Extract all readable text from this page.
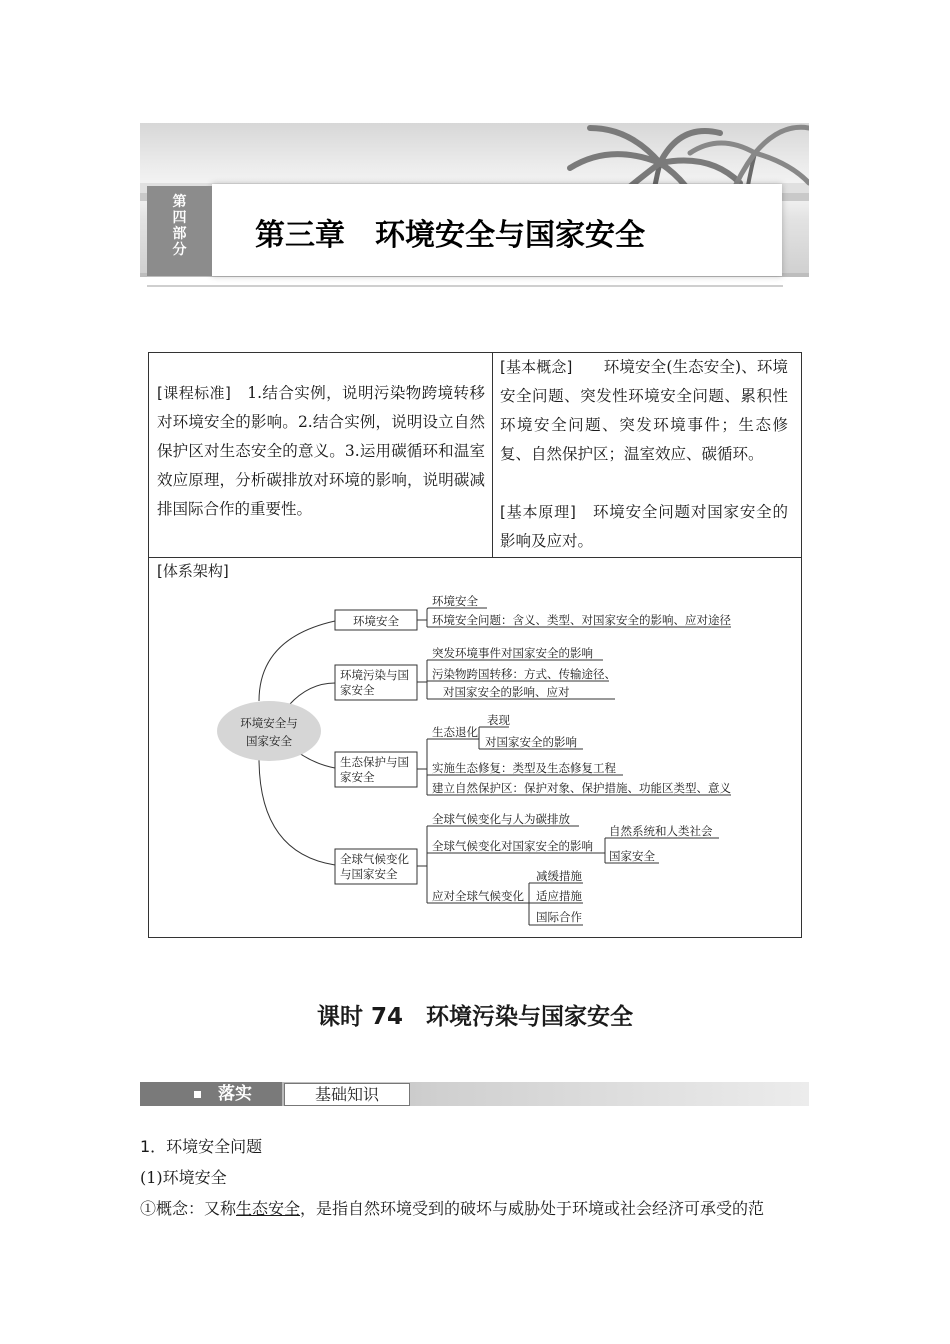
第
四
部
分	第三章　环境安全与国家安全
[课程标准]　 1.结合实例，说明污染物跨境转移对环境安全的影响。2.结合实例，说明设立自然保护区对生态安全的意义。3.运用碳循环和温室效应原理，分析碳排放对环境的影响，说明碳减排国际合作的重要性。
[基本概念]　　 环境安全(生态安全)、环境安全问题、突发性环境安全问题、累积性环境安全问题、突发环境事件；生态修复、自然保护区；温室效应、碳循环。
[基本原理]　 环境安全问题对国家安全的影响及应对。
[体系架构]
环境安全与
国家安全
环境安全
环境安全
环境安全问题：含义、类型、对国家安全的影响、应对途径
环境污染与国
家安全
突发环境事件对国家安全的影响
污染物跨国转移：方式、传输途径、
对国家安全的影响、应对
生态保护与国
家安全
生态退化
表现
对国家安全的影响
实施生态修复：类型及生态修复工程
建立自然保护区：保护对象、保护措施、功能区类型、意义
全球气候变化
与国家安全
全球气候变化与人为碳排放
全球气候变化对国家安全的影响
自然系统和人类社会
国家安全
应对全球气候变化
减缓措施
适应措施
国际合作
课时 74　环境污染与国家安全
落实	基础知识
1．环境安全问题
(1)环境安全
①概念：又称生态安全，是指自然环境受到的破坏与威胁处于环境或社会经济可承受的范
